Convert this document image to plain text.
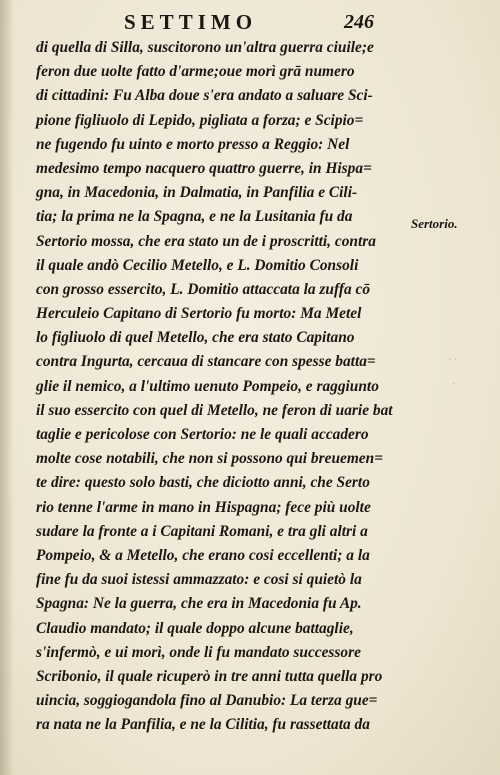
SETTIMO	246
di quella di Silla, suscitorono un'altra guerra ciuile;e
feron due uolte fatto d'arme;oue morì grā numero
di cittadini: Fu Alba doue s'era andato a saluare Sci-
pione figliuolo di Lepido, pigliata a forza; e Scipio=
ne fugendo fu uinto e morto presso a Reggio: Nel
medesimo tempo nacquero quattro guerre, in Hispa=
gna, in Macedonia, in Dalmatia, in Panfilia e Cili-
tia; la prima ne la Spagna, e ne la Lusitania fu da
Sertorio mossa, che era stato un de i proscritti, contra
il quale andò Cecilio Metello, e L. Domitio Consoli
con grosso essercito, L. Domitio attaccata la zuffa cō
Herculeio Capitano di Sertorio fu morto: Ma Metel
lo figliuolo di quel Metello, che era stato Capitano
contra Ingurta, cercaua di stancare con spesse batta=
glie il nemico, a l'ultimo uenuto Pompeio, e raggiunto
il suo essercito con quel di Metello, ne feron di uarie bat
taglie e pericolose con Sertorio: ne le quali accadero
molte cose notabili, che non si possono qui breuemen=
te dire: questo solo basti, che diciotto anni, che Serto
rio tenne l'arme in mano in Hispagna; fece più uolte
sudare la fronte a i Capitani Romani, e tra gli altri a
Pompeio, & a Metello, che erano cosi eccellenti; a la
fine fu da suoi istessi ammazzato: e cosi si quietò la
Spagna: Ne la guerra, che era in Macedonia fu Ap.
Claudio mandato; il quale doppo alcune battaglie,
s'infermò, e ui morì, onde li fu mandato successore
Scribonio, il quale ricuperò in tre anni tutta quella pro
uincia, soggiogandola fino al Danubio: La terza gue=
ra nata ne la Panfilia, e ne la Cilitia, fu rassettata da
Sertorio.
· ·
·
